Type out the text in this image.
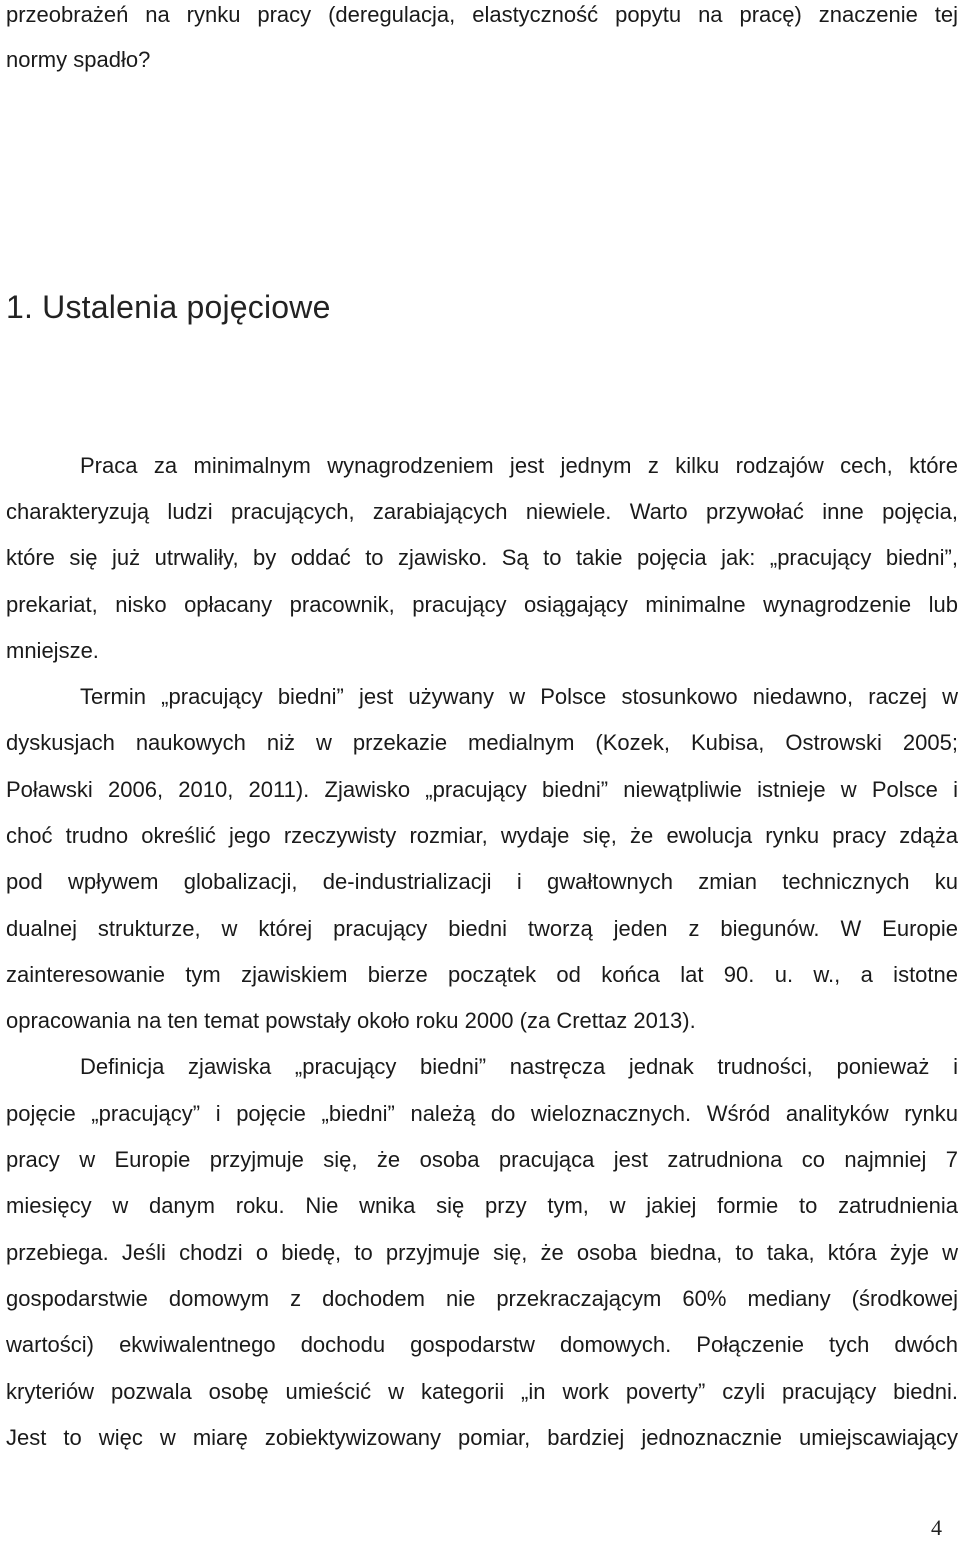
przeobrażeń na rynku pracy (deregulacja, elastyczność popytu na pracę) znaczenie tej
normy spadło?
1. Ustalenia pojęciowe
Praca za minimalnym wynagrodzeniem jest jednym z kilku rodzajów cech, które
charakteryzują ludzi pracujących, zarabiających niewiele. Warto przywołać inne pojęcia,
które się już utrwaliły, by oddać to zjawisko. Są to takie pojęcia jak: „pracujący biedni”,
prekariat, nisko opłacany pracownik, pracujący osiągający minimalne wynagrodzenie lub
mniejsze.
Termin „pracujący biedni” jest używany w Polsce stosunkowo niedawno, raczej w
dyskusjach naukowych niż w przekazie medialnym (Kozek, Kubisa, Ostrowski 2005;
Poławski 2006, 2010, 2011). Zjawisko „pracujący biedni” niewątpliwie istnieje w Polsce i
choć trudno określić jego rzeczywisty rozmiar, wydaje się, że ewolucja rynku pracy zdąża
pod wpływem globalizacji, de-industrializacji i gwałtownych zmian technicznych ku
dualnej strukturze, w której pracujący biedni tworzą jeden z biegunów. W Europie
zainteresowanie tym zjawiskiem bierze początek od końca lat 90. u. w., a istotne
opracowania na ten temat powstały około roku 2000 (za Crettaz 2013).
Definicja zjawiska „pracujący biedni” nastręcza jednak trudności, ponieważ i
pojęcie „pracujący” i pojęcie „biedni” należą do wieloznacznych. Wśród analityków rynku
pracy w Europie przyjmuje się, że osoba pracująca jest zatrudniona co najmniej 7
miesięcy w danym roku. Nie wnika się przy tym, w jakiej formie to zatrudnienia
przebiega. Jeśli chodzi o biedę, to przyjmuje się, że osoba biedna, to taka, która żyje w
gospodarstwie domowym z dochodem nie przekraczającym 60% mediany (środkowej
wartości) ekwiwalentnego dochodu gospodarstw domowych. Połączenie tych dwóch
kryteriów pozwala osobę umieścić w kategorii „in work poverty” czyli pracujący biedni.
Jest to więc w miarę zobiektywizowany pomiar, bardziej jednoznacznie umiejscawiający
4
